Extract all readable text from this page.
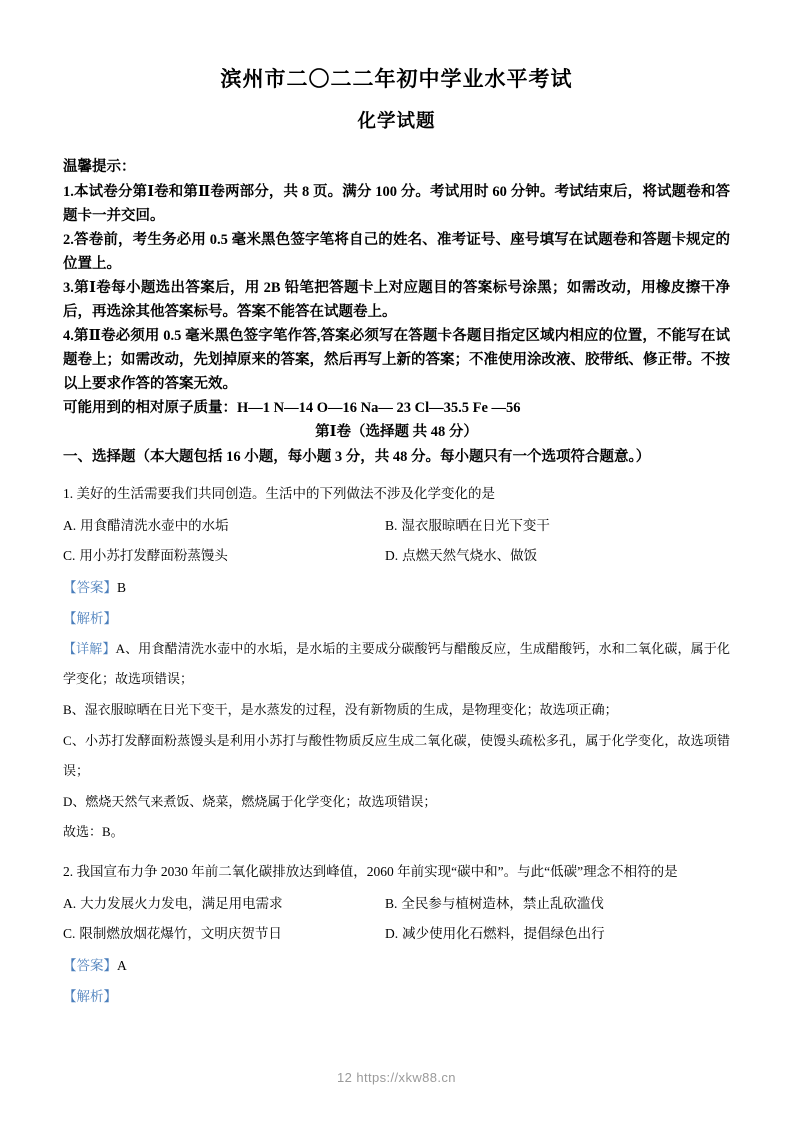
滨州市二〇二二年初中学业水平考试
化学试题

温馨提示：

1.本试卷分第Ⅰ卷和第Ⅱ卷两部分，共 8 页。满分 100 分。考试用时 60 分钟。考试结束后，将试题卷和答题卡一并交回。

2.答卷前，考生务必用 0.5 毫米黑色签字笔将自己的姓名、准考证号、座号填写在试题卷和答题卡规定的位置上。

3.第Ⅰ卷每小题选出答案后，用 2B 铅笔把答题卡上对应题目的答案标号涂黑；如需改动，用橡皮擦干净后，再选涂其他答案标号。答案不能答在试题卷上。

4.第Ⅱ卷必须用 0.5 毫米黑色签字笔作答,答案必须写在答题卡各题目指定区域内相应的位置，不能写在试题卷上；如需改动，先划掉原来的答案，然后再写上新的答案；不准使用涂改液、胶带纸、修正带。不按以上要求作答的答案无效。

可能用到的相对原子质量：H—1 N—14 O—16 Na— 23 Cl—35.5 Fe —56

第Ⅰ卷（选择题 共 48 分）

一、选择题（本大题包括 16 小题，每小题 3 分，共 48 分。每小题只有一个选项符合题意。）

1. 美好的生活需要我们共同创造。生活中的下列做法不涉及化学变化的是

A. 用食醋清洗水壶中的水垢	B. 湿衣服晾晒在日光下变干
C. 用小苏打发酵面粉蒸馒头	D. 点燃天然气烧水、做饭

【答案】B

【解析】

【详解】A、用食醋清洗水壶中的水垢，是水垢的主要成分碳酸钙与醋酸反应，生成醋酸钙，水和二氧化碳，属于化学变化；故选项错误；

B、湿衣服晾晒在日光下变干，是水蒸发的过程，没有新物质的生成，是物理变化；故选项正确；

C、小苏打发酵面粉蒸馒头是利用小苏打与酸性物质反应生成二氧化碳，使馒头疏松多孔，属于化学变化，故选项错误；

D、燃烧天然气来煮饭、烧菜，燃烧属于化学变化；故选项错误；

故选：B。

2. 我国宣布力争 2030 年前二氧化碳排放达到峰值，2060 年前实现“碳中和”。与此“低碳”理念不相符的是

A. 大力发展火力发电，满足用电需求	B. 全民参与植树造林，禁止乱砍滥伐
C. 限制燃放烟花爆竹，文明庆贺节日	D. 减少使用化石燃料，提倡绿色出行

【答案】A

【解析】

12 https://xkw88.cn
